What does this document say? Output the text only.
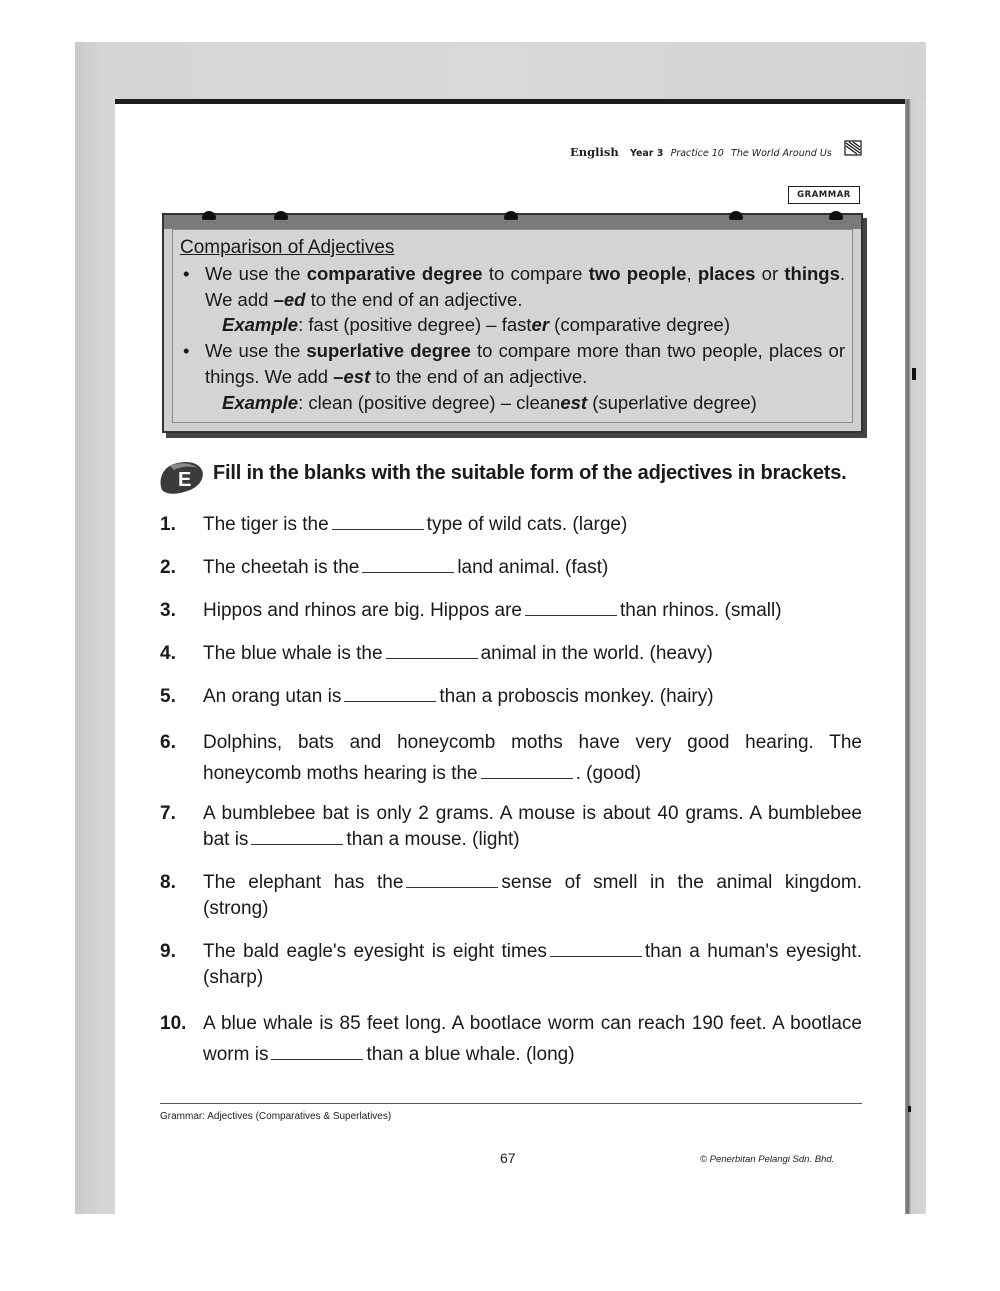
English Year 3 Practice 10 The World Around Us
GRAMMAR
Comparison of Adjectives
• We use the comparative degree to compare two people, places or things. We add –ed to the end of an adjective.
Example: fast (positive degree) – faster (comparative degree)
• We use the superlative degree to compare more than two people, places or things. We add –est to the end of an adjective.
Example: clean (positive degree) – cleanest (superlative degree)
E Fill in the blanks with the suitable form of the adjectives in brackets.
1.	The tiger is the	type of wild cats. (large)
2.	The cheetah is the	land animal. (fast)
3.	Hippos and rhinos are big. Hippos are	than rhinos. (small)
4.	The blue whale is the	animal in the world. (heavy)
5.	An orang utan is	than a proboscis monkey. (hairy)
6.	Dolphins, bats and honeycomb moths have very good hearing. The honeycomb moths hearing is the	. (good)
7.	A bumblebee bat is only 2 grams. A mouse is about 40 grams. A bumblebee bat is	than a mouse. (light)
8.	The elephant has the	sense of smell in the animal kingdom. (strong)
9.	The bald eagle's eyesight is eight times	than a human's eyesight. (sharp)
10. A blue whale is 85 feet long. A bootlace worm can reach 190 feet. A bootlace worm is	than a blue whale. (long)
Grammar: Adjectives (Comparatives & Superlatives)
67	© Penerbitan Pelangi Sdn. Bhd.
